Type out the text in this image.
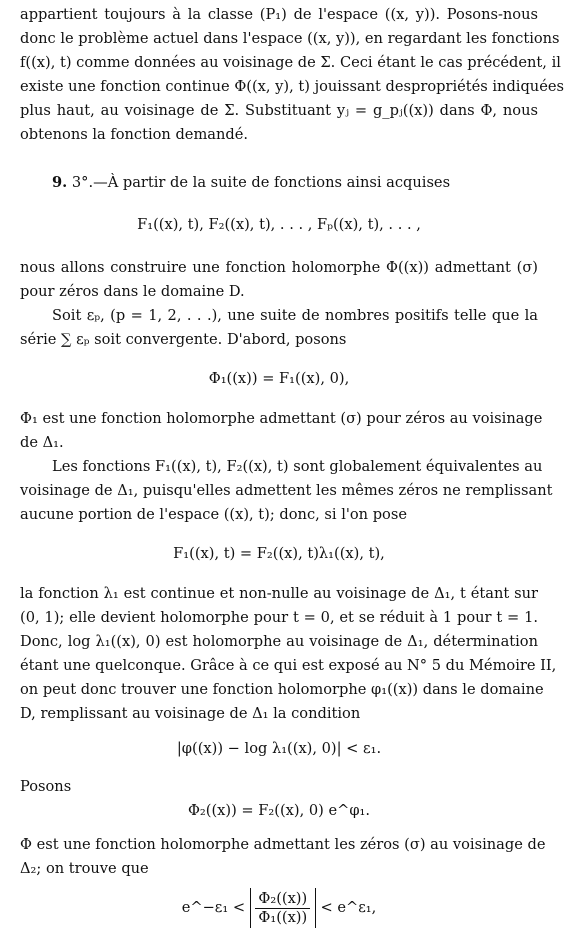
appartient toujours à la classe (P₁) de l'espace ((x, y)). Posons-nous
donc le problème actuel dans l'espace ((x, y)), en regardant les fonctions
f((x), t) comme données au voisinage de Σ. Ceci étant le cas précédent, il
existe une fonction continue Φ((x, y), t) jouissant despropriétés indiquées
plus haut, au voisinage de Σ. Substituant yⱼ = g_pⱼ((x)) dans Φ, nous
obtenons la fonction demandé.
9. 3°.—À partir de la suite de fonctions ainsi acquises
F₁((x), t), F₂((x), t), . . . , Fₚ((x), t), . . . ,
nous allons construire une fonction holomorphe Φ((x)) admettant (σ)
pour zéros dans le domaine D.
Soit εₚ, (p = 1, 2, . . .), une suite de nombres positifs telle que la
série ∑ εₚ soit convergente. D'abord, posons
Φ₁((x)) = F₁((x), 0),
Φ₁ est une fonction holomorphe admettant (σ) pour zéros au voisinage
de Δ₁.
Les fonctions F₁((x), t), F₂((x), t) sont globalement équivalentes au
voisinage de Δ₁, puisqu'elles admettent les mêmes zéros ne remplissant
aucune portion de l'espace ((x), t); donc, si l'on pose
F₁((x), t) = F₂((x), t)λ₁((x), t),
la fonction λ₁ est continue et non-nulle au voisinage de Δ₁, t étant sur
(0, 1); elle devient holomorphe pour t = 0, et se réduit à 1 pour t = 1.
Donc, log λ₁((x), 0) est holomorphe au voisinage de Δ₁, détermination
étant une quelconque. Grâce à ce qui est exposé au N° 5 du Mémoire II,
on peut donc trouver une fonction holomorphe φ₁((x)) dans le domaine
D, remplissant au voisinage de Δ₁ la condition
|φ((x)) − log λ₁((x), 0)| < ε₁.
Posons
Φ₂((x)) = F₂((x), 0) e^φ₁.
Φ est une fonction holomorphe admettant les zéros (σ) au voisinage de
Δ₂; on trouve que
e^−ε₁ < $\frac{\text{Φ₂((x))}}{\text{Φ₁((x))}}$ < e^ε₁,
